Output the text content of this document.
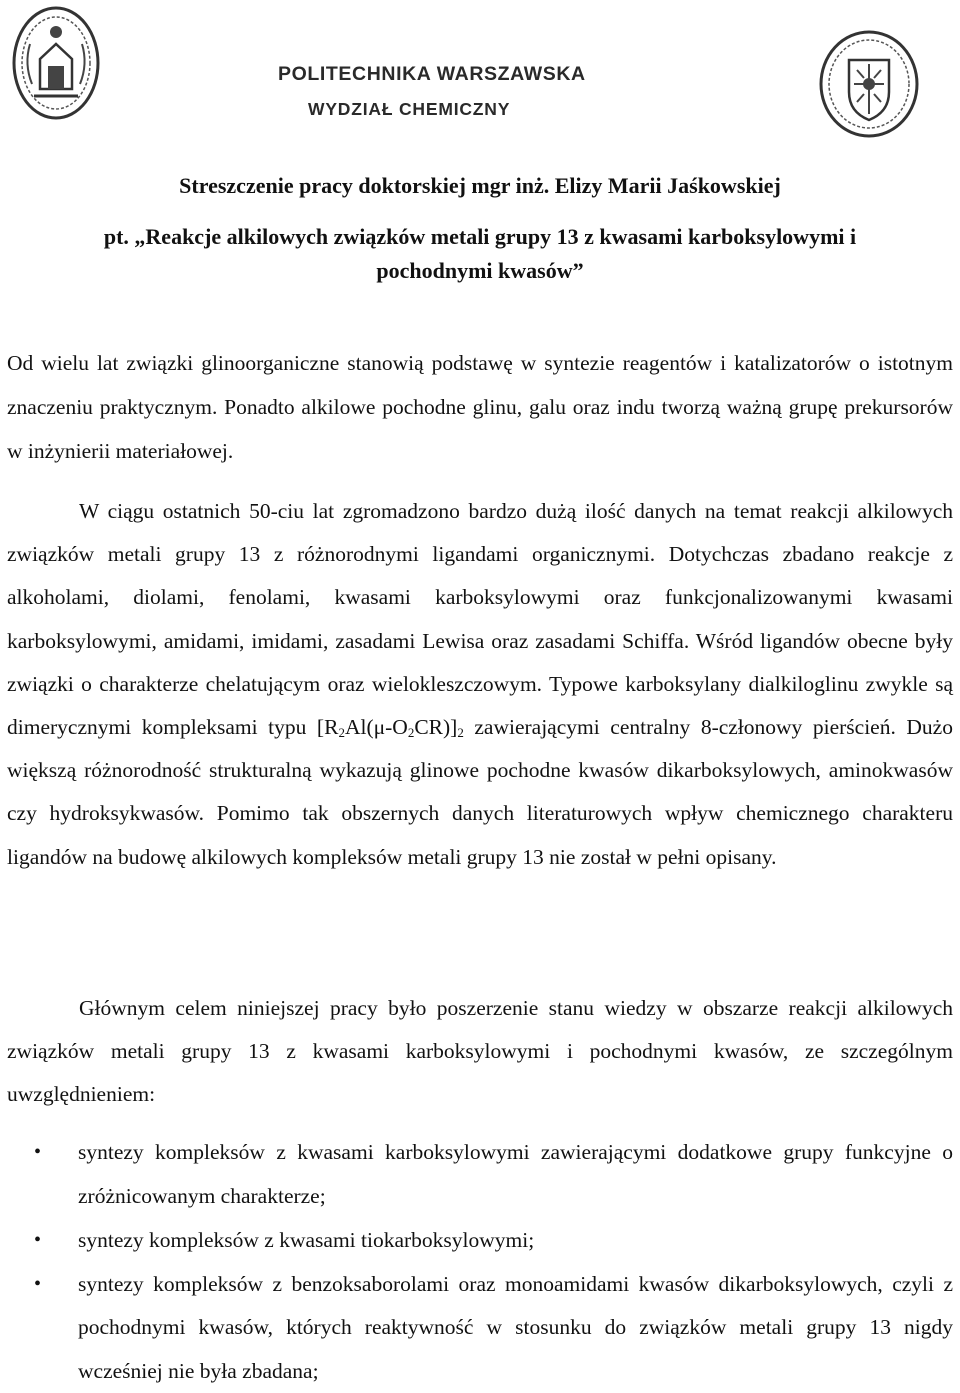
POLITECHNIKA WARSZAWSKA
WYDZIAŁ CHEMICZNY
Streszczenie pracy doktorskiej mgr inż. Elizy Marii Jaśkowskiej
pt. „Reakcje alkilowych związków metali grupy 13 z kwasami karboksylowymi i
pochodnymi kwasów”
Od wielu lat związki glinoorganiczne stanowią podstawę w syntezie reagentów i katalizatorów o istotnym znaczeniu praktycznym. Ponadto alkilowe pochodne glinu, galu oraz indu tworzą ważną grupę prekursorów w inżynierii materiałowej.
W ciągu ostatnich 50-ciu lat zgromadzono bardzo dużą ilość danych na temat reakcji alkilowych związków metali grupy 13 z różnorodnymi ligandami organicznymi. Dotychczas zbadano reakcje z alkoholami, diolami, fenolami, kwasami karboksylowymi oraz funkcjonalizowanymi kwasami karboksylowymi, amidami, imidami, zasadami Lewisa oraz zasadami Schiffa. Wśród ligandów obecne były związki o charakterze chelatującym oraz wielokleszczowym. Typowe karboksylany dialkiloglinu zwykle są dimerycznymi kompleksami typu $[R_2Al(\mu-O_2CR)]_2$ zawierającymi centralny 8-członowy pierścień. Dużo większą różnorodność strukturalną wykazują glinowe pochodne kwasów dikarboksylowych, aminokwasów czy hydroksykwasów. Pomimo tak obszernych danych literaturowych wpływ chemicznego charakteru ligandów na budowę alkilowych kompleksów metali grupy 13 nie został w pełni opisany.
Głównym celem niniejszej pracy było poszerzenie stanu wiedzy w obszarze reakcji alkilowych związków metali grupy 13 z kwasami karboksylowymi i pochodnymi kwasów, ze szczególnym uwzględnieniem:
• syntezy kompleksów z kwasami karboksylowymi zawierającymi dodatkowe grupy funkcyjne o zróżnicowanym charakterze;
• syntezy kompleksów z kwasami tiokarboksylowymi;
• syntezy kompleksów z benzoksaborolami oraz monoamidami kwasów dikarboksylowych, czyli z pochodnymi kwasów, których reaktywność w stosunku do związków metali grupy 13 nigdy wcześniej nie była zbadana;
